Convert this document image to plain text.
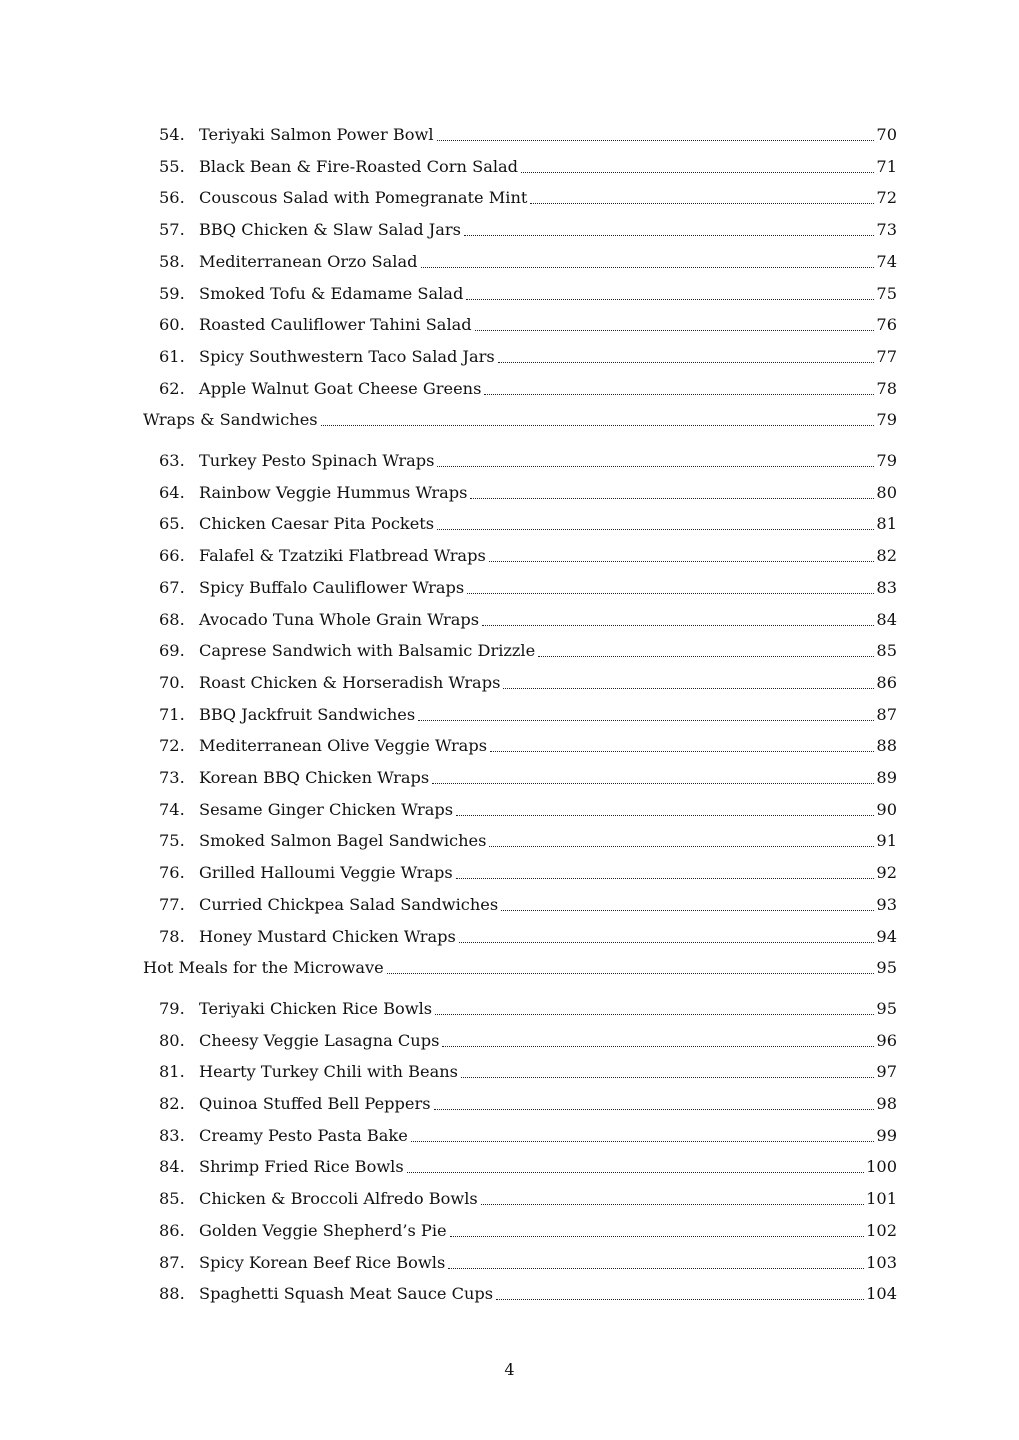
54. Teriyaki Salmon Power Bowl	70
55. Black Bean & Fire-Roasted Corn Salad	71
56. Couscous Salad with Pomegranate Mint	72
57. BBQ Chicken & Slaw Salad Jars	73
58. Mediterranean Orzo Salad	74
59. Smoked Tofu & Edamame Salad	75
60. Roasted Cauliflower Tahini Salad	76
61. Spicy Southwestern Taco Salad Jars	77
62. Apple Walnut Goat Cheese Greens	78
Wraps & Sandwiches	79
63. Turkey Pesto Spinach Wraps	79
64. Rainbow Veggie Hummus Wraps	80
65. Chicken Caesar Pita Pockets	81
66. Falafel & Tzatziki Flatbread Wraps	82
67. Spicy Buffalo Cauliflower Wraps	83
68. Avocado Tuna Whole Grain Wraps	84
69. Caprese Sandwich with Balsamic Drizzle	85
70. Roast Chicken & Horseradish Wraps	86
71. BBQ Jackfruit Sandwiches	87
72. Mediterranean Olive Veggie Wraps	88
73. Korean BBQ Chicken Wraps	89
74. Sesame Ginger Chicken Wraps	90
75. Smoked Salmon Bagel Sandwiches	91
76. Grilled Halloumi Veggie Wraps	92
77. Curried Chickpea Salad Sandwiches	93
78. Honey Mustard Chicken Wraps	94
Hot Meals for the Microwave	95
79. Teriyaki Chicken Rice Bowls	95
80. Cheesy Veggie Lasagna Cups	96
81. Hearty Turkey Chili with Beans	97
82. Quinoa Stuffed Bell Peppers	98
83. Creamy Pesto Pasta Bake	99
84. Shrimp Fried Rice Bowls	100
85. Chicken & Broccoli Alfredo Bowls	101
86. Golden Veggie Shepherd’s Pie	102
87. Spicy Korean Beef Rice Bowls	103
88. Spaghetti Squash Meat Sauce Cups	104
4
